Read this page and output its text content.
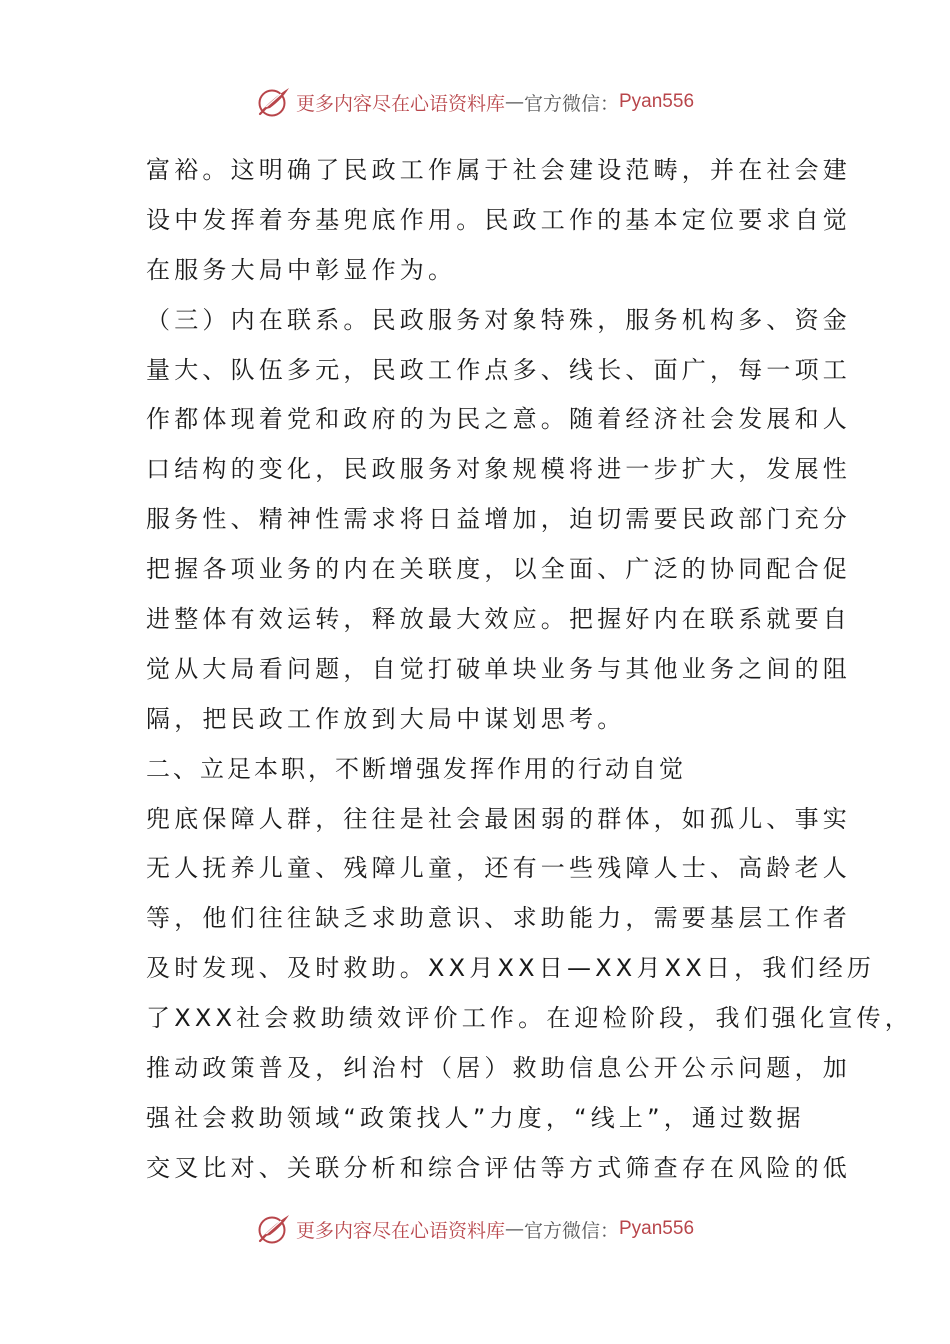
更多内容尽在心语资料库 — 官方微信： Pyan556
富裕。这明确了民政工作属于社会建设范畴，并在社会建
设中发挥着夯基兜底作用。民政工作的基本定位要求自觉
在服务大局中彰显作为。
（三）内在联系。民政服务对象特殊，服务机构多、资金
量大、队伍多元，民政工作点多、线长、面广，每一项工
作都体现着党和政府的为民之意。随着经济社会发展和人
口结构的变化，民政服务对象规模将进一步扩大，发展性
服务性、精神性需求将日益增加，迫切需要民政部门充分
把握各项业务的内在关联度，以全面、广泛的协同配合促
进整体有效运转，释放最大效应。把握好内在联系就要自
觉从大局看问题，自觉打破单块业务与其他业务之间的阻
隔，把民政工作放到大局中谋划思考。
二、立足本职，不断增强发挥作用的行动自觉
兜底保障人群，往往是社会最困弱的群体，如孤儿、事实
无人抚养儿童、残障儿童，还有一些残障人士、高龄老人
等，他们往往缺乏求助意识、求助能力，需要基层工作者
及时发现、及时救助。XX月XX日—XX月XX日，我们经历
了XXX社会救助绩效评价工作。在迎检阶段，我们强化宣传，
推动政策普及，纠治村（居）救助信息公开公示问题，加
强社会救助领域“政策找人”力度，“线上”，通过数据
交叉比对、关联分析和综合评估等方式筛查存在风险的低
更多内容尽在心语资料库 — 官方微信： Pyan556
